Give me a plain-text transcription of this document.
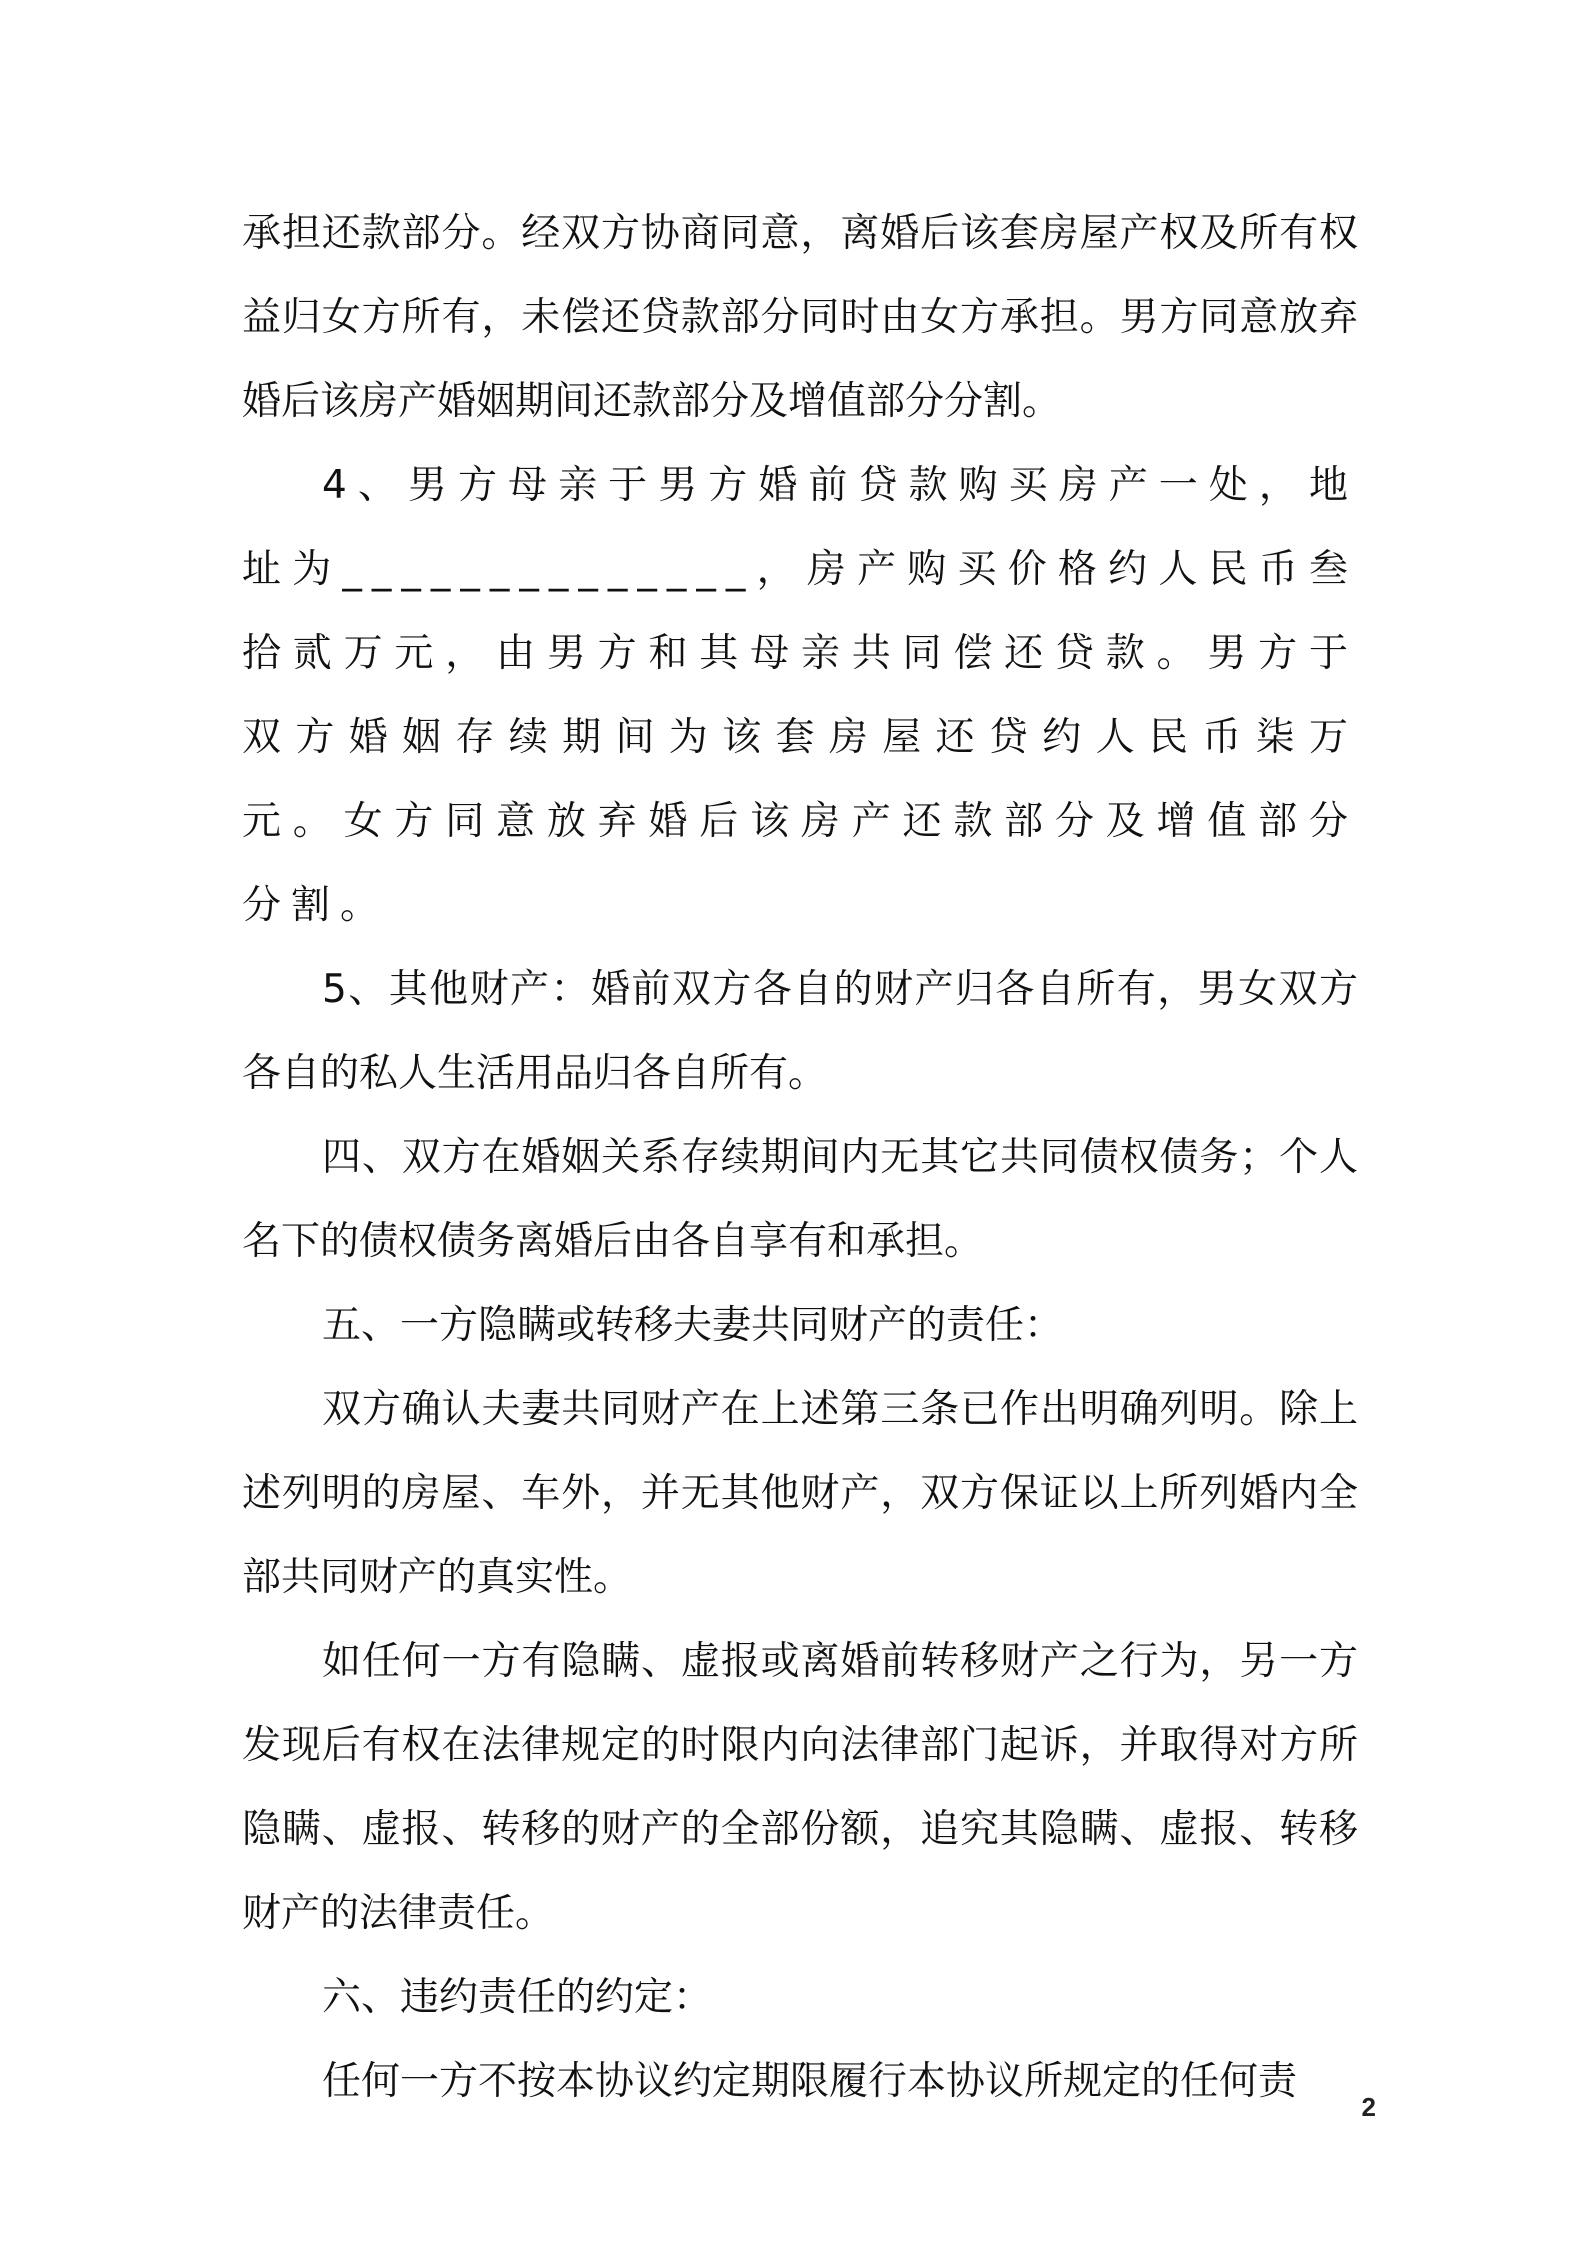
承担还款部分。经双方协商同意，离婚后该套房屋产权及所有权益归女方所有，未偿还贷款部分同时由女方承担。男方同意放弃婚后该房产婚姻期间还款部分及增值部分分割。

4、男方母亲于男方婚前贷款购买房产一处，地址为______________，房产购买价格约人民币叁拾贰万元，由男方和其母亲共同偿还贷款。男方于双方婚姻存续期间为该套房屋还贷约人民币柒万元。女方同意放弃婚后该房产还款部分及增值部分分割。

5、其他财产：婚前双方各自的财产归各自所有，男女双方各自的私人生活用品归各自所有。

四、双方在婚姻关系存续期间内无其它共同债权债务；个人名下的债权债务离婚后由各自享有和承担。

五、一方隐瞒或转移夫妻共同财产的责任：

双方确认夫妻共同财产在上述第三条已作出明确列明。除上述列明的房屋、车外，并无其他财产，双方保证以上所列婚内全部共同财产的真实性。

如任何一方有隐瞒、虚报或离婚前转移财产之行为，另一方发现后有权在法律规定的时限内向法律部门起诉，并取得对方所隐瞒、虚报、转移的财产的全部份额，追究其隐瞒、虚报、转移财产的法律责任。

六、违约责任的约定：

任何一方不按本协议约定期限履行本协议所规定的任何责

2
